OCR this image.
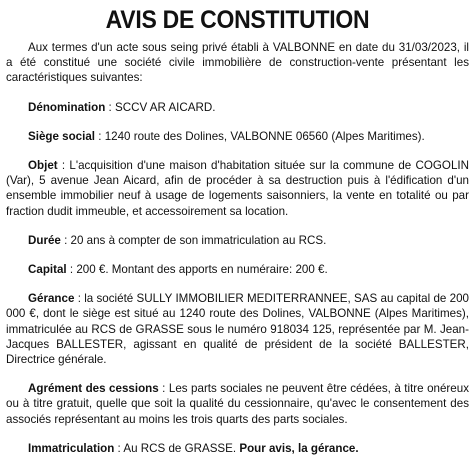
AVIS DE CONSTITUTION

Aux termes d'un acte sous seing privé établi à VALBONNE en date du 31/03/2023, il a été constitué une société civile immobilière de construction-vente présentant les caractéristiques suivantes:

Dénomination : SCCV AR AICARD.

Siège social : 1240 route des Dolines, VALBONNE 06560 (Alpes Maritimes).

Objet : L'acquisition d'une maison d'habitation située sur la commune de COGOLIN (Var), 5 avenue Jean Aicard, afin de procéder à sa destruction puis à l'édification d'un ensemble immobilier neuf à usage de logements saisonniers, la vente en totalité ou par fraction dudit immeuble, et accessoirement sa location.

Durée : 20 ans à compter de son immatriculation au RCS.

Capital : 200 €. Montant des apports en numéraire: 200 €.

Gérance : la société SULLY IMMOBILIER MEDITERRANNEE, SAS au capital de 200 000 €, dont le siège est situé au 1240 route des Dolines, VALBONNE (Alpes Maritimes), immatriculée au RCS de GRASSE sous le numéro 918034 125, représentée par M. Jean-Jacques BALLESTER, agissant en qualité de président de la société BALLESTER, Directrice générale.

Agrément des cessions : Les parts sociales ne peuvent être cédées, à titre onéreux ou à titre gratuit, quelle que soit la qualité du cessionnaire, qu'avec le consentement des associés représentant au moins les trois quarts des parts sociales.

Immatriculation : Au RCS de GRASSE. Pour avis, la gérance.
